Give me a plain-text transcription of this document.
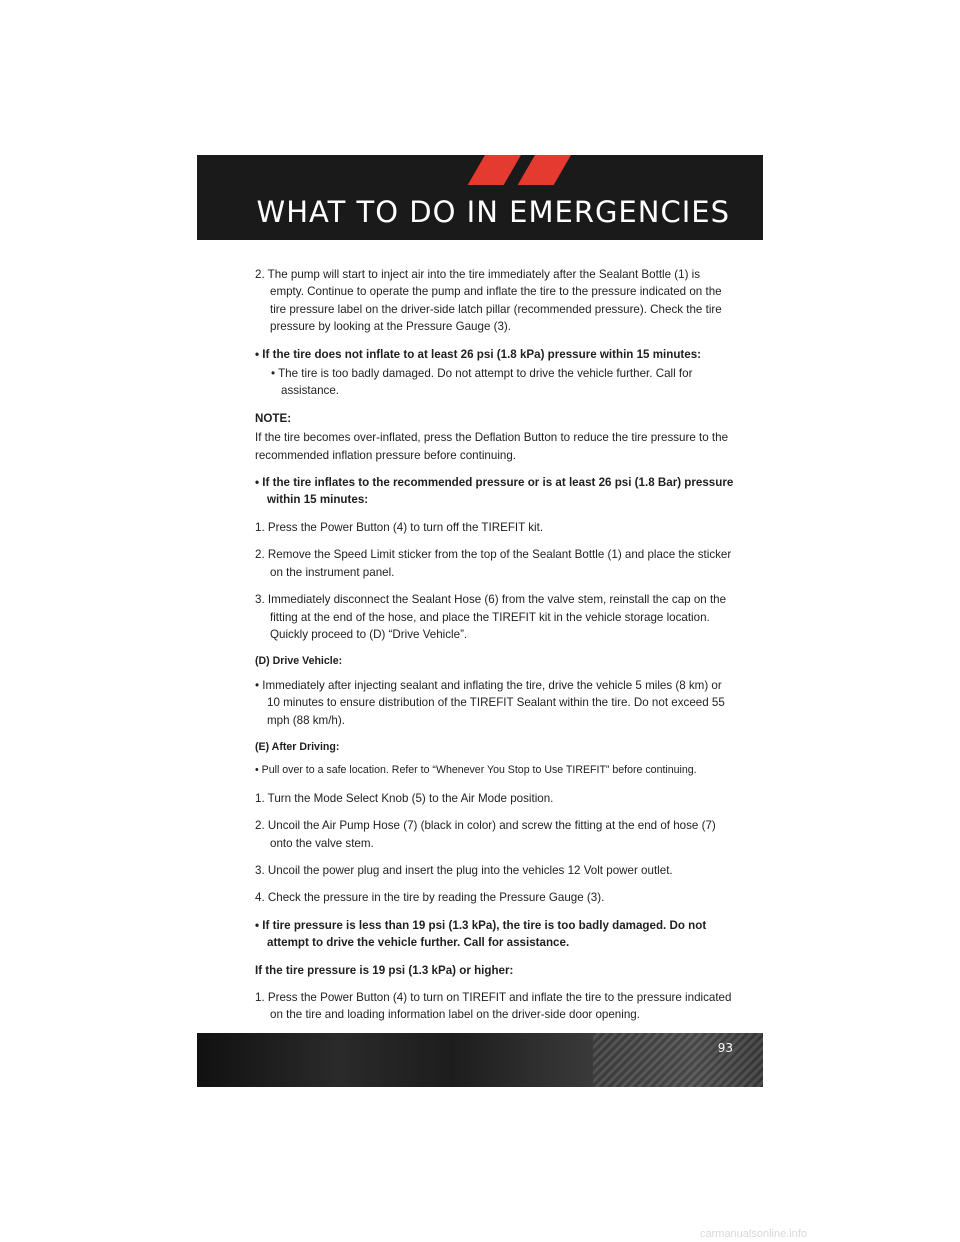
WHAT TO DO IN EMERGENCIES

2. The pump will start to inject air into the tire immediately after the Sealant Bottle (1) is empty. Continue to operate the pump and inflate the tire to the pressure indicated on the tire pressure label on the driver-side latch pillar (recommended pressure). Check the tire pressure by looking at the Pressure Gauge (3).

• If the tire does not inflate to at least 26 psi (1.8 kPa) pressure within 15 minutes:

• The tire is too badly damaged. Do not attempt to drive the vehicle further. Call for assistance.

NOTE:

If the tire becomes over-inflated, press the Deflation Button to reduce the tire pressure to the recommended inflation pressure before continuing.

• If the tire inflates to the recommended pressure or is at least 26 psi (1.8 Bar) pressure within 15 minutes:

1. Press the Power Button (4) to turn off the TIREFIT kit.

2. Remove the Speed Limit sticker from the top of the Sealant Bottle (1) and place the sticker on the instrument panel.

3. Immediately disconnect the Sealant Hose (6) from the valve stem, reinstall the cap on the fitting at the end of the hose, and place the TIREFIT kit in the vehicle storage location. Quickly proceed to (D) “Drive Vehicle”.

(D) Drive Vehicle:

• Immediately after injecting sealant and inflating the tire, drive the vehicle 5 miles (8 km) or 10 minutes to ensure distribution of the TIREFIT Sealant within the tire. Do not exceed 55 mph (88 km/h).

(E) After Driving:

• Pull over to a safe location. Refer to “Whenever You Stop to Use TIREFIT” before continuing.

1. Turn the Mode Select Knob (5) to the Air Mode position.

2. Uncoil the Air Pump Hose (7) (black in color) and screw the fitting at the end of hose (7) onto the valve stem.

3. Uncoil the power plug and insert the plug into the vehicles 12 Volt power outlet.

4. Check the pressure in the tire by reading the Pressure Gauge (3).

• If tire pressure is less than 19 psi (1.3 kPa), the tire is too badly damaged. Do not attempt to drive the vehicle further. Call for assistance.

If the tire pressure is 19 psi (1.3 kPa) or higher:

1. Press the Power Button (4) to turn on TIREFIT and inflate the tire to the pressure indicated on the tire and loading information label on the driver-side door opening.

93
carmanualsonline.info
